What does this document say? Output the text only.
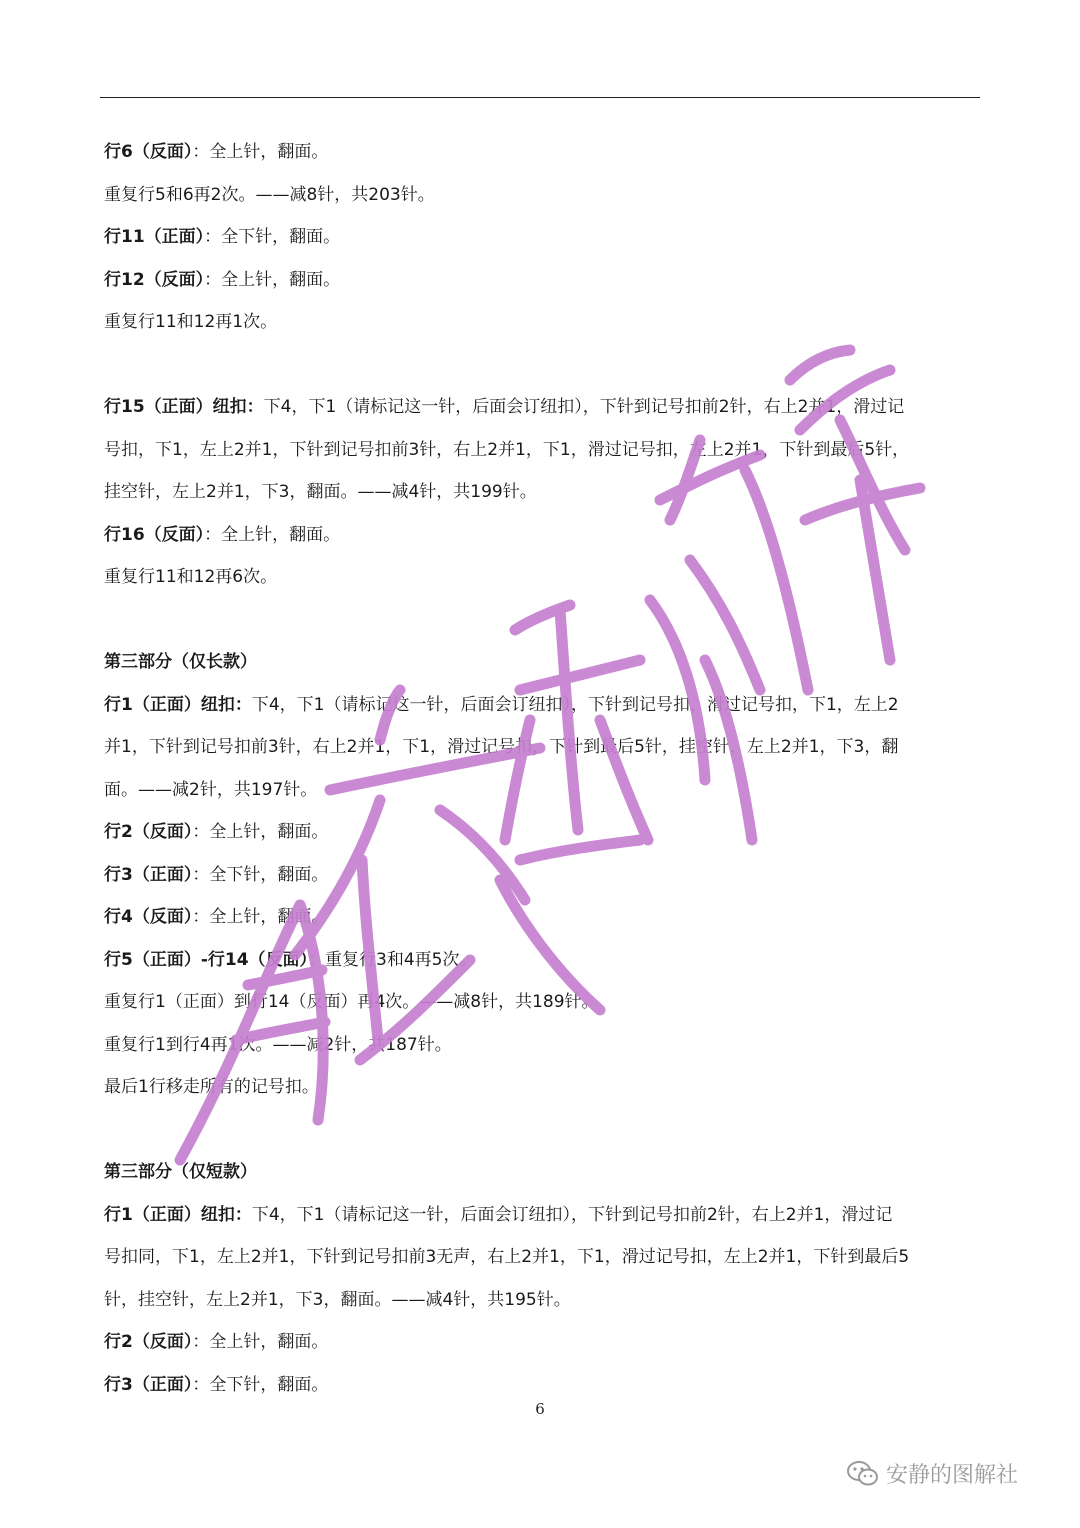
行6（反面）：全上针，翻面。
重复行5和6再2次。——减8针，共203针。
行11（正面）：全下针，翻面。
行12（反面）：全上针，翻面。
重复行11和12再1次。
行15（正面）纽扣：下4，下1（请标记这一针，后面会订纽扣），下针到记号扣前2针，右上2并1，滑过记
号扣，下1，左上2并1，下针到记号扣前3针，右上2并1，下1，滑过记号扣，左上2并1，下针到最后5针，
挂空针，左上2并1，下3，翻面。——减4针，共199针。
行16（反面）：全上针，翻面。
重复行11和12再6次。
第三部分（仅长款）
行1（正面）纽扣：下4，下1（请标记这一针，后面会订纽扣），下针到记号扣，滑过记号扣，下1，左上2
并1，下针到记号扣前3针，右上2并1，下1，滑过记号扣，下针到最后5针，挂空针，左上2并1，下3，翻
面。——减2针，共197针。
行2（反面）：全上针，翻面。
行3（正面）：全下针，翻面。
行4（反面）：全上针，翻面。
行5（正面）-行14（反面）：重复行3和4再5次。
重复行1（正面）到行14（反面）再4次。——减8针，共189针。
重复行1到行4再1次。——减2针，共187针。
最后1行移走所有的记号扣。
第三部分（仅短款）
行1（正面）纽扣：下4，下1（请标记这一针，后面会订纽扣），下针到记号扣前2针，右上2并1，滑过记
号扣同，下1，左上2并1，下针到记号扣前3无声，右上2并1，下1，滑过记号扣，左上2并1，下针到最后5
针，挂空针，左上2并1，下3，翻面。——减4针，共195针。
行2（反面）：全上针，翻面。
行3（正面）：全下针，翻面。
6
安静的图解社
